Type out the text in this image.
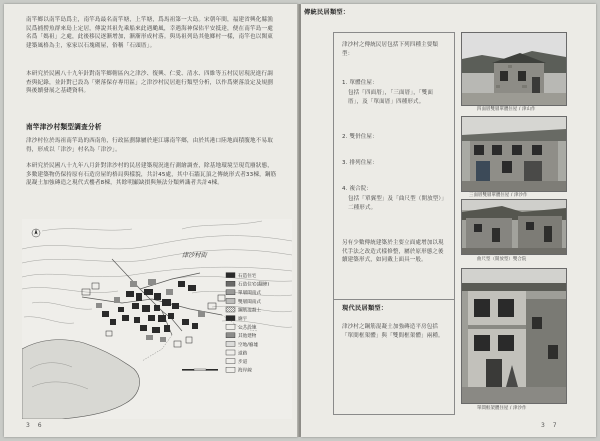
南竿鄉以南竿島爲主，南竿島最名南竿塘，上竿塘，爲馬祖第一大島。宋朝年間，福建省興化縣漁民爲捕撈魚群來島上定居，傳說其祖先乘船來此遇颱風，幸遇海神保佑平安抵達，便在南竿島一處名爲「媽祖」之處，此後移民逐漸增加，漸漸形成村落。與馬祖列島其他鄉村一樣，南竿也以閩東建築風格為主，家家以石塊砌屋，俗稱「石頭厝」。

本研究於民國八十九年針對南竿鄉轄區內之津沙、復興、仁愛、清水、四維等五村民居現況進行調查與紀錄，並針對已設為「聚落保存專用區」之津沙村民居進行類型分析，以作爲聚落設定及規劃與後續發展之基礎資料。

南竿津沙村類型調查分析

津沙村位於馬祖南竿島的西南角，行政區劃隸屬於連江縣南竿鄉，由於其港口陸地面積腹地不易取得，形成以「津沙」村名為「津沙」。

本研究於民國八十九年八月針對津沙村的民居建築現況進行測繪調查，除基地環境呈現荒廢狀態，多數建築物仍保持原有石造房屋的格局與樣貌，共計45處，其中石牆瓦頂之傳統形式者33棟，鋼筋混凝土加強磚造之現代式樓者8棟，其餘明顯缺損與無法分類辨識者共計4棟。

津沙村街
石造住宅
石造住宅(翻修)
單層閩南式
雙層閩南式
鋼筋混凝土
廟宇
公共設施
其他建物
空地/廢墟
道路
步道
海岸線
3 6

傳統民居類型：

津沙村之傳統民居包括下列四種主要類型：

1. 單體住屋：

包括「四面厝」，「三面厝」，「雙面厝」，及「單面厝」四種形式。

2. 雙併住屋：

3. 排列住屋：

4. 複合院：

包括「單翼型」及「曲尺型（開放型）」二種形式。

另有少數傳統建築於主要立面處增加以現代手法之改造式樣修整，屬於原形態之後續建築形式，如同戴上面具一般。

現代民居類型：

津沙村之鋼筋混凝土加強磚造平房包括「單間框架體」與「雙間框架體」兩種。

四面厝雙層單體住屋 / 津山作
三面厝雙層單體住屋 / 津沙作
曲尺型（開放型）雙合院
單間框架體住屋 / 津沙作
3 7
